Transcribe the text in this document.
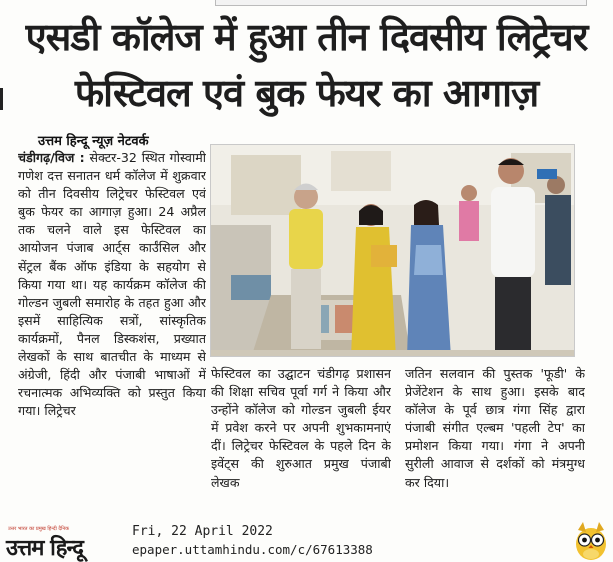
एसडी कॉलेज में हुआ तीन दिवसीय लिट्रेचर
फेस्टिवल एवं बुक फेयर का आगाज़
उत्तम हिन्दू न्यूज़ नेटवर्क
चंडीगढ़/विज : सेक्टर-32 स्थित गोस्वामी गणेश दत्त सनातन धर्म कॉलेज में शुक्रवार को तीन दिवसीय लिट्रेचर फेस्टिवल एवं बुक फेयर का आगाज़ हुआ। 24 अप्रैल तक चलने वाले इस फेस्टिवल का आयोजन पंजाब आर्ट्स कार्उंसिल और सेंट्रल बैंक ऑफ इंडिया के सहयोग से किया गया था। यह कार्यक्रम कॉलेज की गोल्डन जुबली समारोह के तहत हुआ और इसमें साहित्यिक सत्रों, सांस्कृतिक कार्यक्रमों, पैनल डिस्कशंस, प्रख्यात लेखकों के साथ बातचीत के माध्यम से अंग्रेजी, हिंदी और पंजाबी भाषाओं में रचनात्मक अभिव्यक्ति को प्रस्तुत किया गया। लिट्रेचर
फेस्टिवल का उद्घाटन चंडीगढ़ प्रशासन की शिक्षा सचिव पूर्वा गर्ग ने किया और उन्होंने कॉलेज को गोल्डन जुबली ईयर में प्रवेश करने पर अपनी शुभकामनाएं दीं। लिट्रेचर फेस्टिवल के पहले दिन के इवेंट्स की शुरुआत प्रमुख पंजाबी लेखक
जतिन सलवान की पुस्तक 'फूडी' के प्रेजेंटेशन के साथ हुआ। इसके बाद कॉलेज के पूर्व छात्र गंगा सिंह द्वारा पंजाबी संगीत एल्बम 'पहली टेप' का प्रमोशन किया गया। गंगा ने अपनी सुरीली आवाज से दर्शकों को मंत्रमुग्ध कर दिया।
उत्तर भारत का प्रमुख हिन्दी दैनिक
उत्तम हिन्दू
Fri, 22 April 2022
epaper.uttamhindu.com/c/67613388
